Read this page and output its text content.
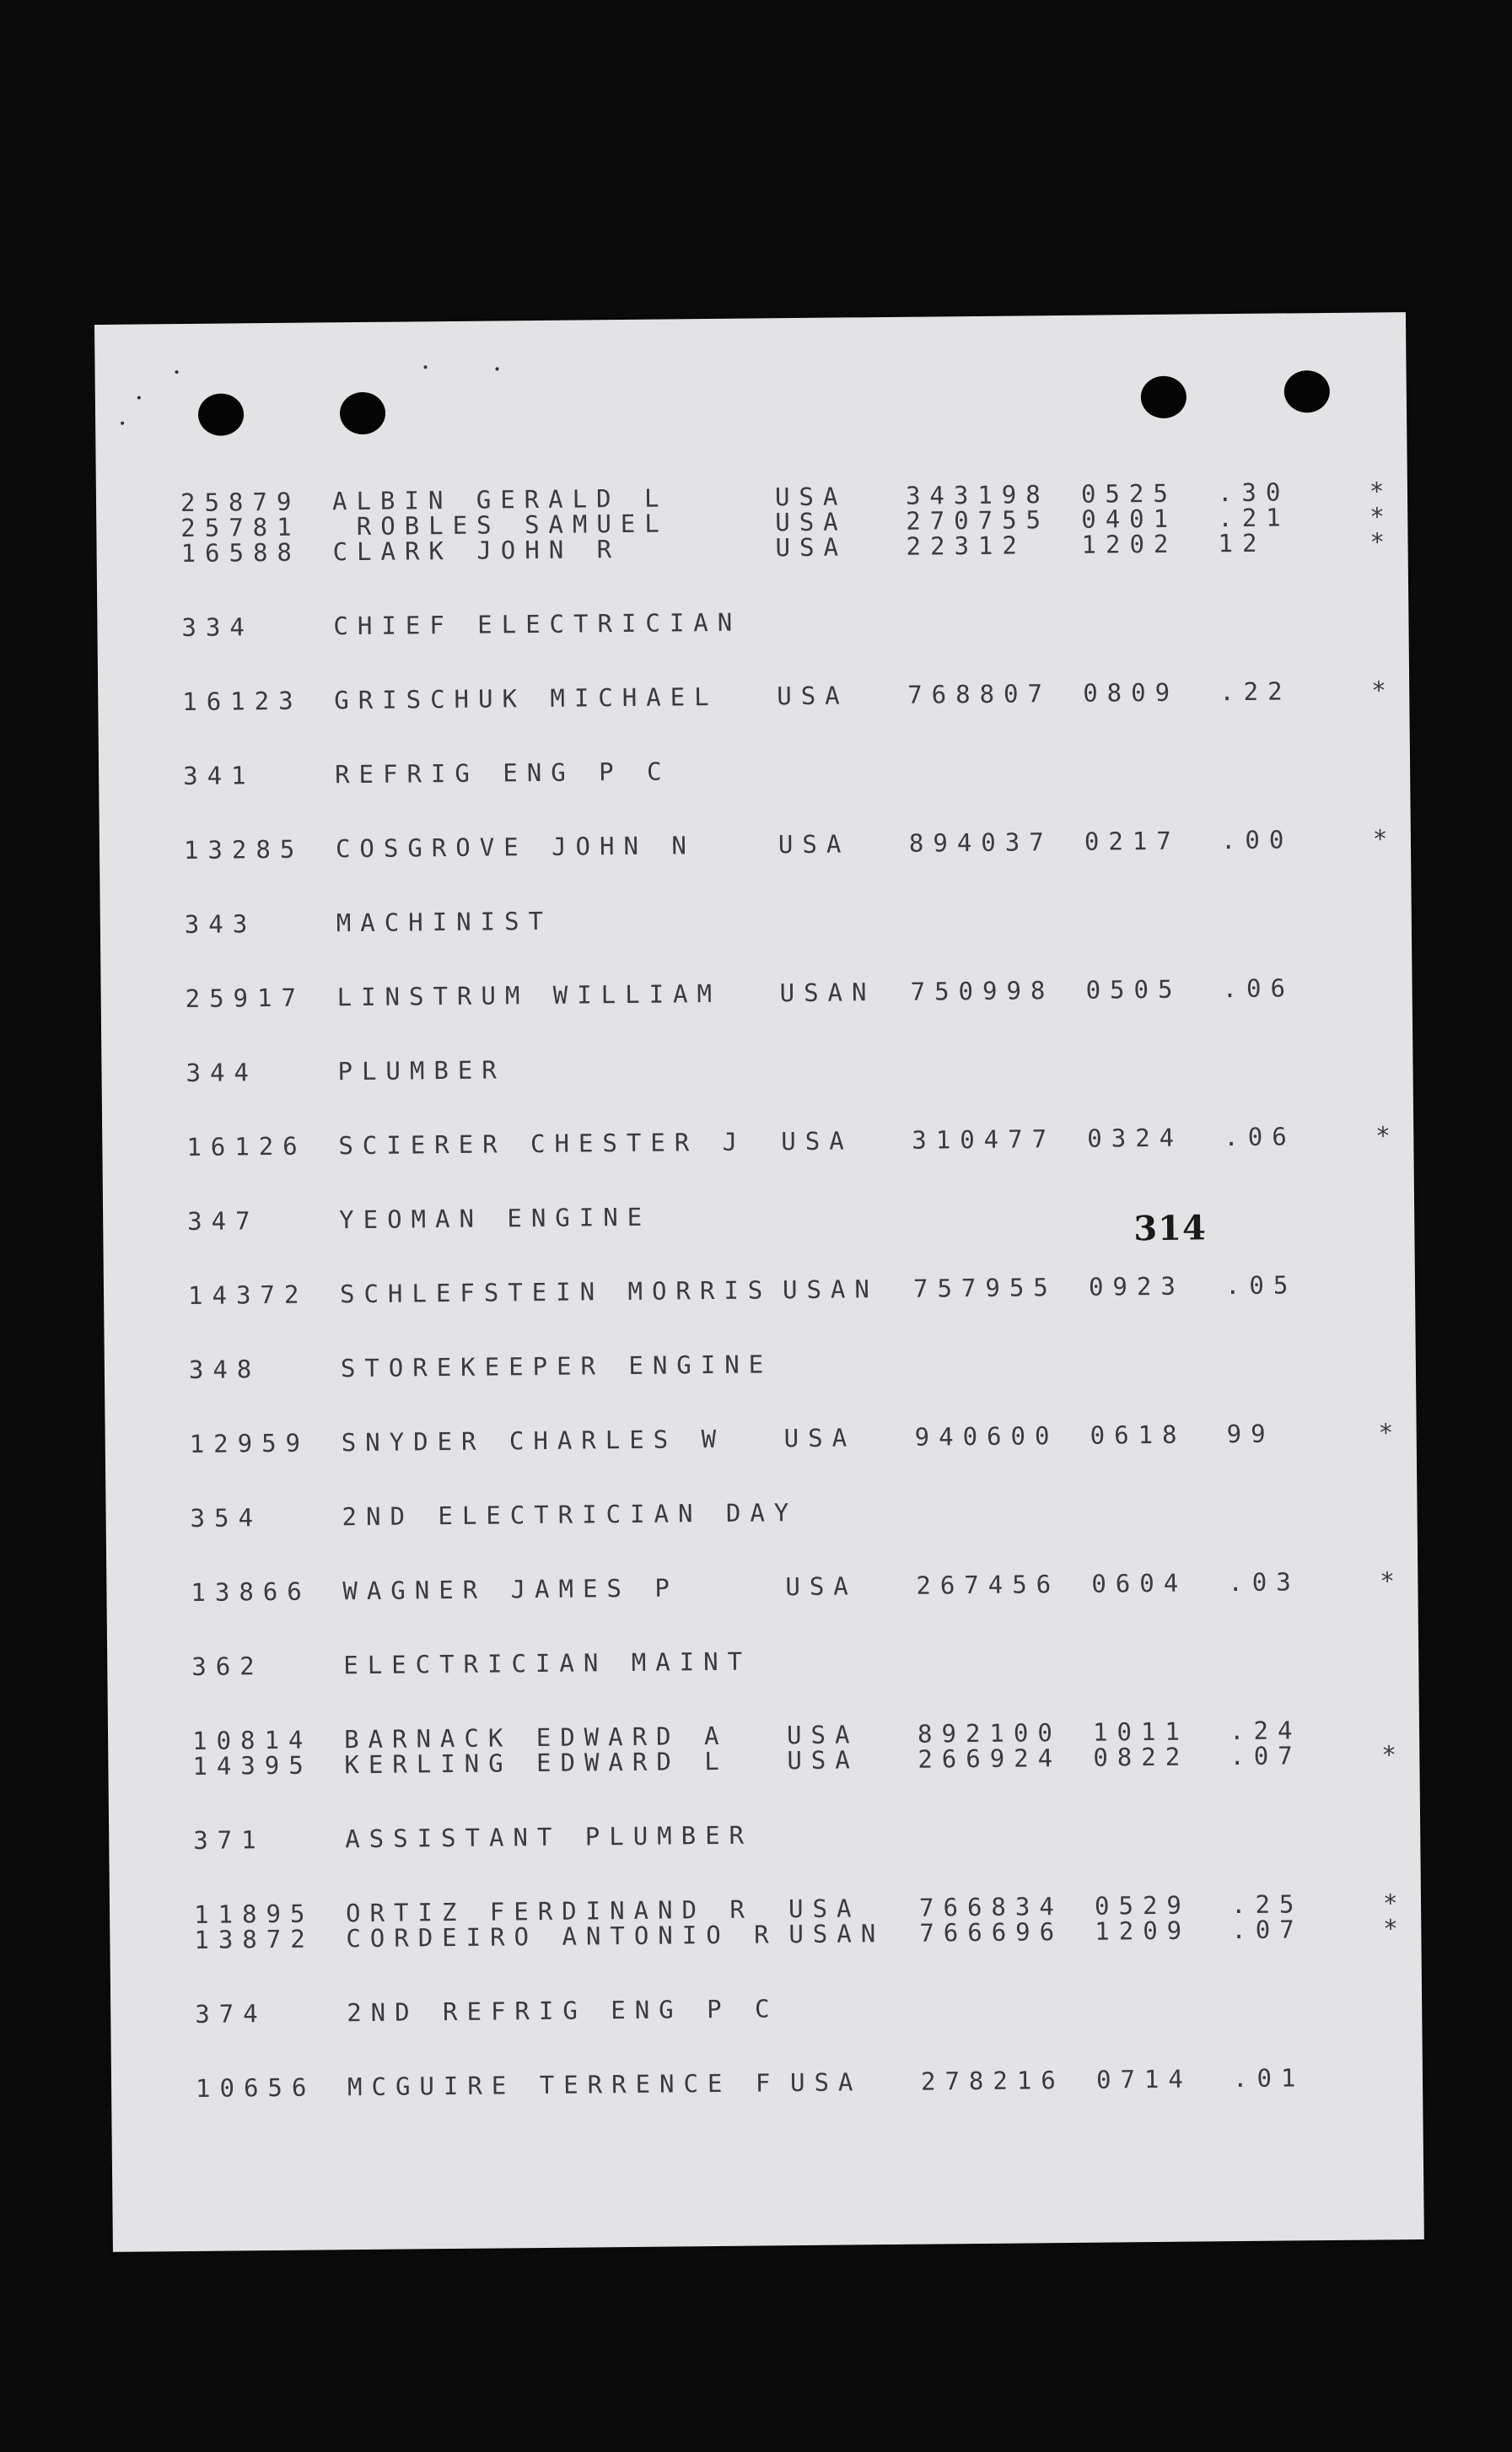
25879 ALBIN GERALD L	USA 343198 0525 .30	*
25781 ROBLES SAMUEL	USA 270755 0401 .21	*
16588 CLARK JOHN R	USA 22312 1202 12	*
334	CHIEF ELECTRICIAN
16123 GRISCHUK MICHAEL USA 768807 0809 .22	*
341	REFRIG ENG P C
13285 COSGROVE JOHN N	USA 894037 0217 .00	*
343	MACHINIST
25917 LINSTRUM WILLIAM USAN 750998 0505 .06
344	PLUMBER
16126 SCIERER CHESTER J USA 310477 0324 .06	*
347	YEOMAN ENGINE
14372 SCHLEFSTEIN MORRIS USAN 757955 0923 .05
348	STOREKEEPER ENGINE
12959 SNYDER CHARLES W USA 940600 0618 99	*
354	2ND ELECTRICIAN DAY
13866 WAGNER JAMES P	USA 267456 0604 .03	*
362	ELECTRICIAN MAINT
10814 BARNACK EDWARD A USA 892100 1011 .24
14395 KERLING EDWARD L USA 266924 0822 .07	*
371	ASSISTANT PLUMBER
11895 ORTIZ FERDINAND R USA 766834 0529 .25	*
13872 CORDEIRO ANTONIO R USAN 766696 1209 .07	*
374	2ND REFRIG ENG P C
10656 MCGUIRE TERRENCE F USA 278216 0714 .01
314
